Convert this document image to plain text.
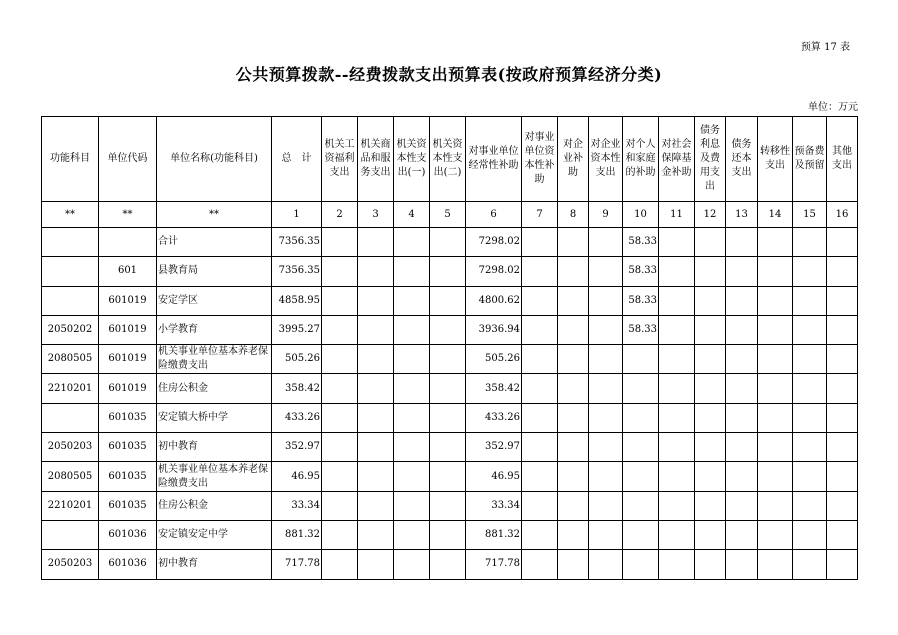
预算 17 表
公共预算拨款--经费拨款支出预算表(按政府预算经济分类)
单位：万元
功能科目	单位代码	单位名称(功能科目)	总　计	机关工资福利支出	机关商品和服务支出	机关资本性支出(一)	机关资本性支出(二)	对事业单位经常性补助	对事业单位资本性补助	对企业补助	对企业资本性支出	对个人和家庭的补助	对社会保障基金补助	债务利息及费用支出	债务还本支出	转移性支出	预备费及预留	其他支出
**	**	**	1	2	3	4	5	6	7	8	9	10	11	12	13	14	15	16
		合计	7356.35					7298.02				58.33						
	601	县教育局	7356.35					7298.02				58.33						
	601019	安定学区	4858.95					4800.62				58.33						
2050202	601019	小学教育	3995.27					3936.94				58.33						
2080505	601019	机关事业单位基本养老保险缴费支出	505.26					505.26										
2210201	601019	住房公积金	358.42					358.42										
	601035	安定镇大桥中学	433.26					433.26										
2050203	601035	初中教育	352.97					352.97										
2080505	601035	机关事业单位基本养老保险缴费支出	46.95					46.95										
2210201	601035	住房公积金	33.34					33.34										
	601036	安定镇安定中学	881.32					881.32										
2050203	601036	初中教育	717.78					717.78										
